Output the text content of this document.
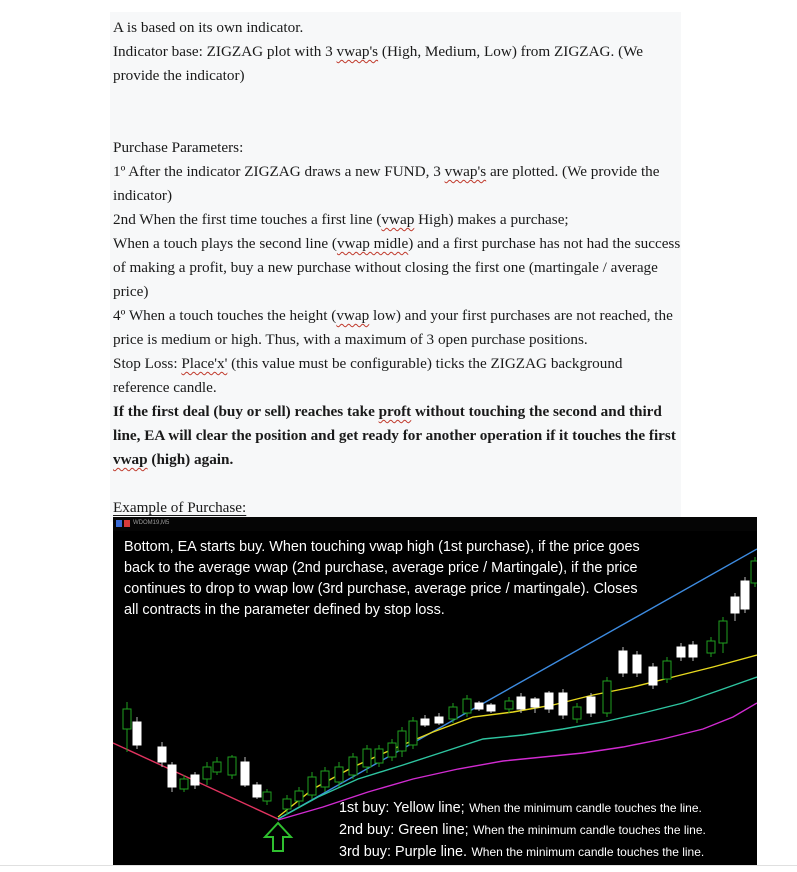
A is based on its own indicator.

Indicator base: ZIGZAG plot with 3 vwap's (High, Medium, Low) from ZIGZAG. (We provide the indicator)

Purchase Parameters:

1º After the indicator ZIGZAG draws a new FUND, 3 vwap's are plotted. (We provide the indicator)

2nd When the first time touches a first line (vwap High) makes a purchase;

When a touch plays the second line (vwap midle) and a first purchase has not had the success of making a profit, buy a new purchase without closing the first one (martingale / average price)

4º When a touch touches the height (vwap low) and your first purchases are not reached, the price is medium or high. Thus, with a maximum of 3 open purchase positions.

Stop Loss: Place'x' (this value must be configurable) ticks the ZIGZAG background reference candle.

If the first deal (buy or sell) reaches take proft without touching the second and third line, EA will clear the position and get ready for another operation if it touches the first vwap (high) again.

Example of Purchase:

WDOM19,M5
Bottom, EA starts buy. When touching vwap high (1st purchase), if the price goes back to the average vwap (2nd purchase, average price / Martingale), if the price continues to drop to vwap low (3rd purchase, average price / martingale). Closes all contracts in the parameter defined by stop loss.
1st buy: Yellow line; When the minimum candle touches the line.
2nd buy: Green line; When the minimum candle touches the line.
3rd buy: Purple line. When the minimum candle touches the line.
